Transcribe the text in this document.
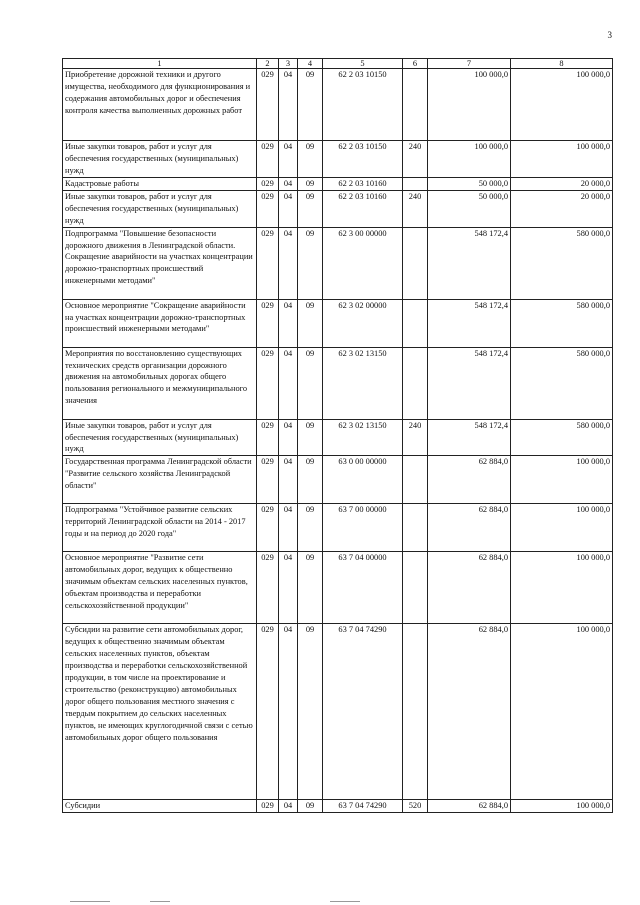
3
1	2	3	4	5	6	7	8
Приобретение дорожной техники и другого имущества, необходимого для функционирования и содержания автомобильных дорог и обеспечения контроля качества выполненных дорожных работ	029	04	09	62 2 03 10150		100 000,0	100 000,0
Иные закупки товаров, работ и услуг для обеспечения государственных (муниципальных) нужд	029	04	09	62 2 03 10150	240	100 000,0	100 000,0
Кадастровые работы	029	04	09	62 2 03 10160		50 000,0	20 000,0
Иные закупки товаров, работ и услуг для обеспечения государственных (муниципальных) нужд	029	04	09	62 2 03 10160	240	50 000,0	20 000,0
Подпрограмма "Повышение безопасности дорожного движения в Ленинградской области. Сокращение аварийности на участках концентрации дорожно-транспортных происшествий инженерными методами"	029	04	09	62 3 00 00000		548 172,4	580 000,0
Основное мероприятие "Сокращение аварийности на участках концентрации дорожно-транспортных происшествий инженерными методами"	029	04	09	62 3 02 00000		548 172,4	580 000,0
Мероприятия по восстановлению существующих технических средств организации дорожного движения на автомобильных дорогах общего пользования регионального и межмуниципального значения	029	04	09	62 3 02 13150		548 172,4	580 000,0
Иные закупки товаров, работ и услуг для обеспечения государственных (муниципальных) нужд	029	04	09	62 3 02 13150	240	548 172,4	580 000,0
Государственная программа Ленинградской области "Развитие сельского хозяйства Ленинградской области"	029	04	09	63 0 00 00000		62 884,0	100 000,0
Подпрограмма "Устойчивое развитие сельских территорий Ленинградской области на 2014 - 2017 годы и на период до 2020 года"	029	04	09	63 7 00 00000		62 884,0	100 000,0
Основное мероприятие "Развитие сети автомобильных дорог, ведущих к общественно значимым объектам сельских населенных пунктов, объектам производства и переработки сельскохозяйственной продукции"	029	04	09	63 7 04 00000		62 884,0	100 000,0
Субсидии на развитие сети автомобильных дорог, ведущих к общественно значимым объектам сельских населенных пунктов, объектам производства и переработки сельскохозяйственной продукции, в том числе на проектирование и строительство (реконструкцию) автомобильных дорог общего пользования местного значения с твердым покрытием до сельских населенных пунктов, не имеющих круглогодичной связи с сетью автомобильных дорог общего пользования	029	04	09	63 7 04 74290		62 884,0	100 000,0
Субсидии	029	04	09	63 7 04 74290	520	62 884,0	100 000,0
